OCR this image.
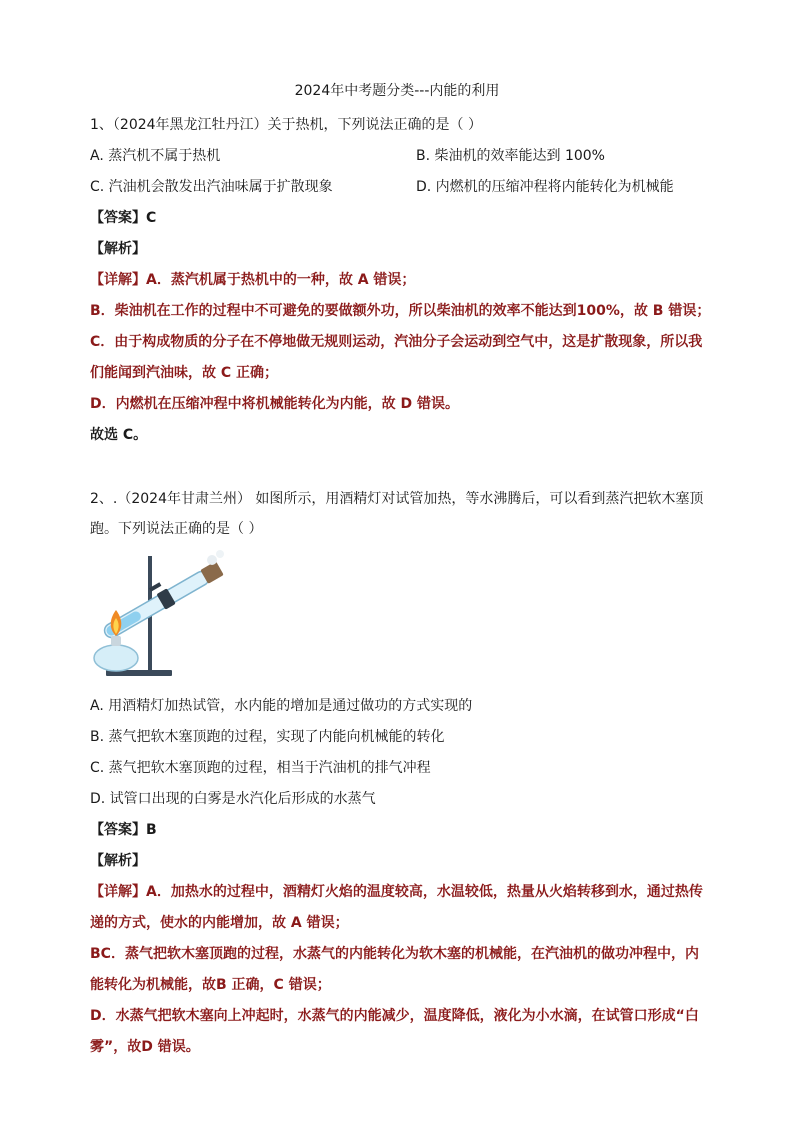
2024年中考题分类---内能的利用
1、（2024年黑龙江牡丹江）关于热机，下列说法正确的是（ ）
A. 蒸汽机不属于热机	B. 柴油机的效率能达到 100%
C. 汽油机会散发出汽油味属于扩散现象	D. 内燃机的压缩冲程将内能转化为机械能
【答案】C
【解析】
【详解】A．蒸汽机属于热机中的一种，故 A 错误；
B．柴油机在工作的过程中不可避免的要做额外功，所以柴油机的效率不能达到100%，故 B 错误；
C．由于构成物质的分子在不停地做无规则运动，汽油分子会运动到空气中，这是扩散现象，所以我
们能闻到汽油味，故 C 正确；
D．内燃机在压缩冲程中将机械能转化为内能，故 D 错误。
故选 C。
2、.（2024年甘肃兰州） 如图所示，用酒精灯对试管加热，等水沸腾后，可以看到蒸汽把软木塞顶
跑。下列说法正确的是（ ）
A. 用酒精灯加热试管，水内能的增加是通过做功的方式实现的
B. 蒸气把软木塞顶跑的过程，实现了内能向机械能的转化
C. 蒸气把软木塞顶跑的过程，相当于汽油机的排气冲程
D. 试管口出现的白雾是水汽化后形成的水蒸气
【答案】B
【解析】
【详解】A．加热水的过程中，酒精灯火焰的温度较高，水温较低，热量从火焰转移到水，通过热传
递的方式，使水的内能增加，故 A 错误；
BC．蒸气把软木塞顶跑的过程，水蒸气的内能转化为软木塞的机械能，在汽油机的做功冲程中，内
能转化为机械能，故B 正确，C 错误；
D．水蒸气把软木塞向上冲起时，水蒸气的内能减少，温度降低，液化为小水滴，在试管口形成“白
雾”，故D 错误。
